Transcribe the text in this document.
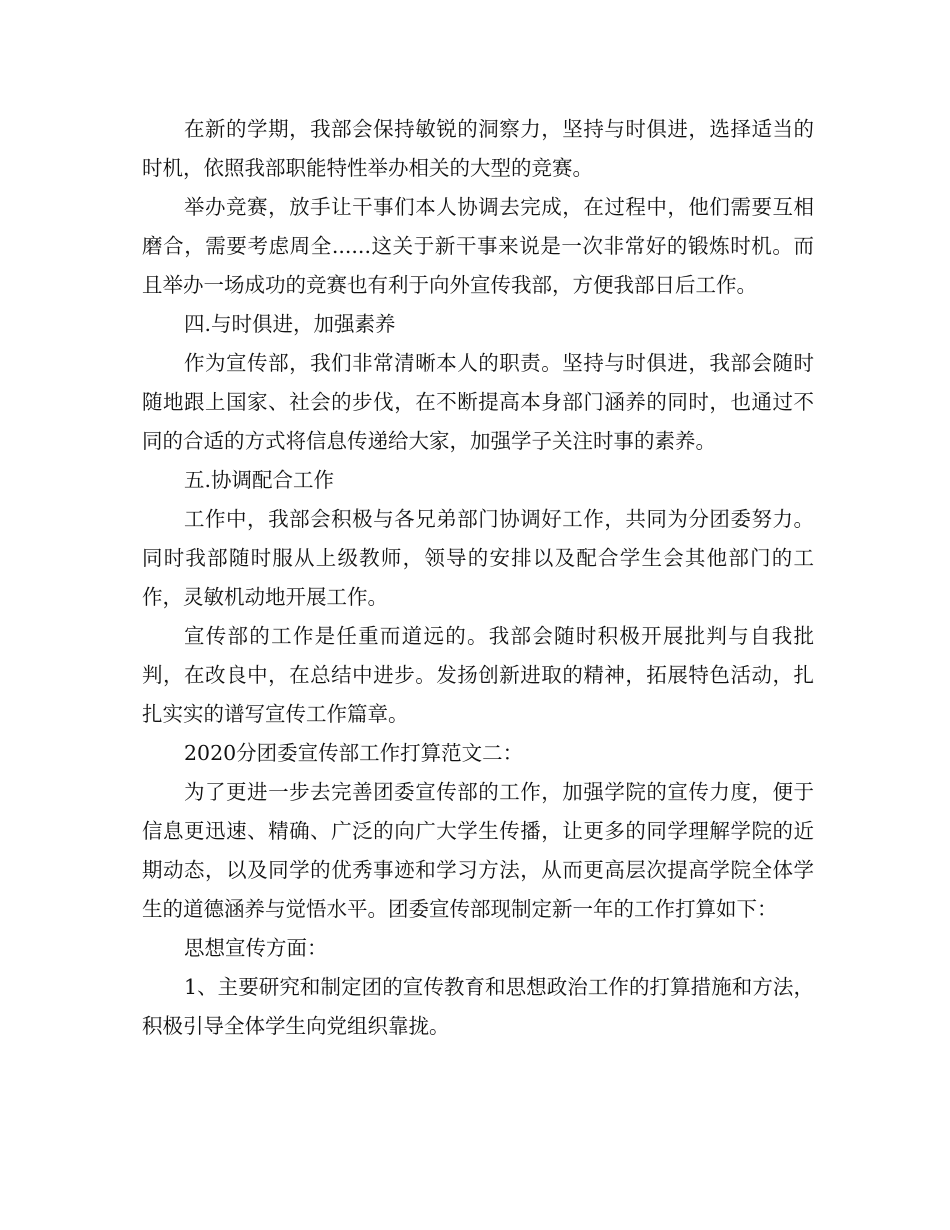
在新的学期，我部会保持敏锐的洞察力，坚持与时俱进，选择适当的时机，依照我部职能特性举办相关的大型的竞赛。

举办竞赛，放手让干事们本人协调去完成，在过程中，他们需要互相磨合，需要考虑周全......这关于新干事来说是一次非常好的锻炼时机。而且举办一场成功的竞赛也有利于向外宣传我部，方便我部日后工作。

四.与时俱进，加强素养

作为宣传部，我们非常清晰本人的职责。坚持与时俱进，我部会随时随地跟上国家、社会的步伐，在不断提高本身部门涵养的同时，也通过不同的合适的方式将信息传递给大家，加强学子关注时事的素养。

五.协调配合工作

工作中，我部会积极与各兄弟部门协调好工作，共同为分团委努力。同时我部随时服从上级教师，领导的安排以及配合学生会其他部门的工作，灵敏机动地开展工作。

宣传部的工作是任重而道远的。我部会随时积极开展批判与自我批判，在改良中，在总结中进步。发扬创新进取的精神，拓展特色活动，扎扎实实的谱写宣传工作篇章。

2020分团委宣传部工作打算范文二：

为了更进一步去完善团委宣传部的工作，加强学院的宣传力度，便于信息更迅速、精确、广泛的向广大学生传播，让更多的同学理解学院的近期动态，以及同学的优秀事迹和学习方法，从而更高层次提高学院全体学生的道德涵养与觉悟水平。团委宣传部现制定新一年的工作打算如下：

思想宣传方面：

1、主要研究和制定团的宣传教育和思想政治工作的打算措施和方法，积极引导全体学生向党组织靠拢。
